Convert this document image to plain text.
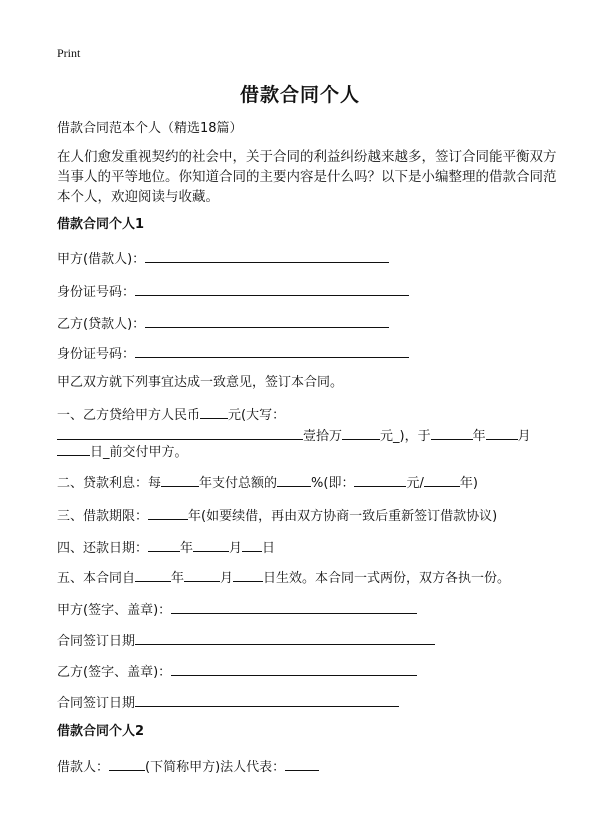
Print
借款合同个人
借款合同范本个人（精选18篇）
在人们愈发重视契约的社会中，关于合同的利益纠纷越来越多，签订合同能平衡双方当事人的平等地位。你知道合同的主要内容是什么吗？以下是小编整理的借款合同范本个人，欢迎阅读与收藏。
借款合同个人1
甲方(借款人)：
身份证号码：
乙方(贷款人)：
身份证号码：
甲乙双方就下列事宜达成一致意见，签订本合同。
一、乙方贷给甲方人民币 元(大写：
壹拾万	元_)，于	年 月
日_前交付甲方。
二、贷款利息：每	年支付总额的	%(即：	元/	年)
三、借款期限：	年(如要续借，再由双方协商一致后重新签订借款协议)
四、还款日期： 年	月 日
五、本合同自	年	月 日生效。本合同一式两份，双方各执一份。
甲方(签字、盖章)：
合同签订日期
乙方(签字、盖章)：
合同签订日期
借款合同个人2
借款人：	(下简称甲方)法人代表：
